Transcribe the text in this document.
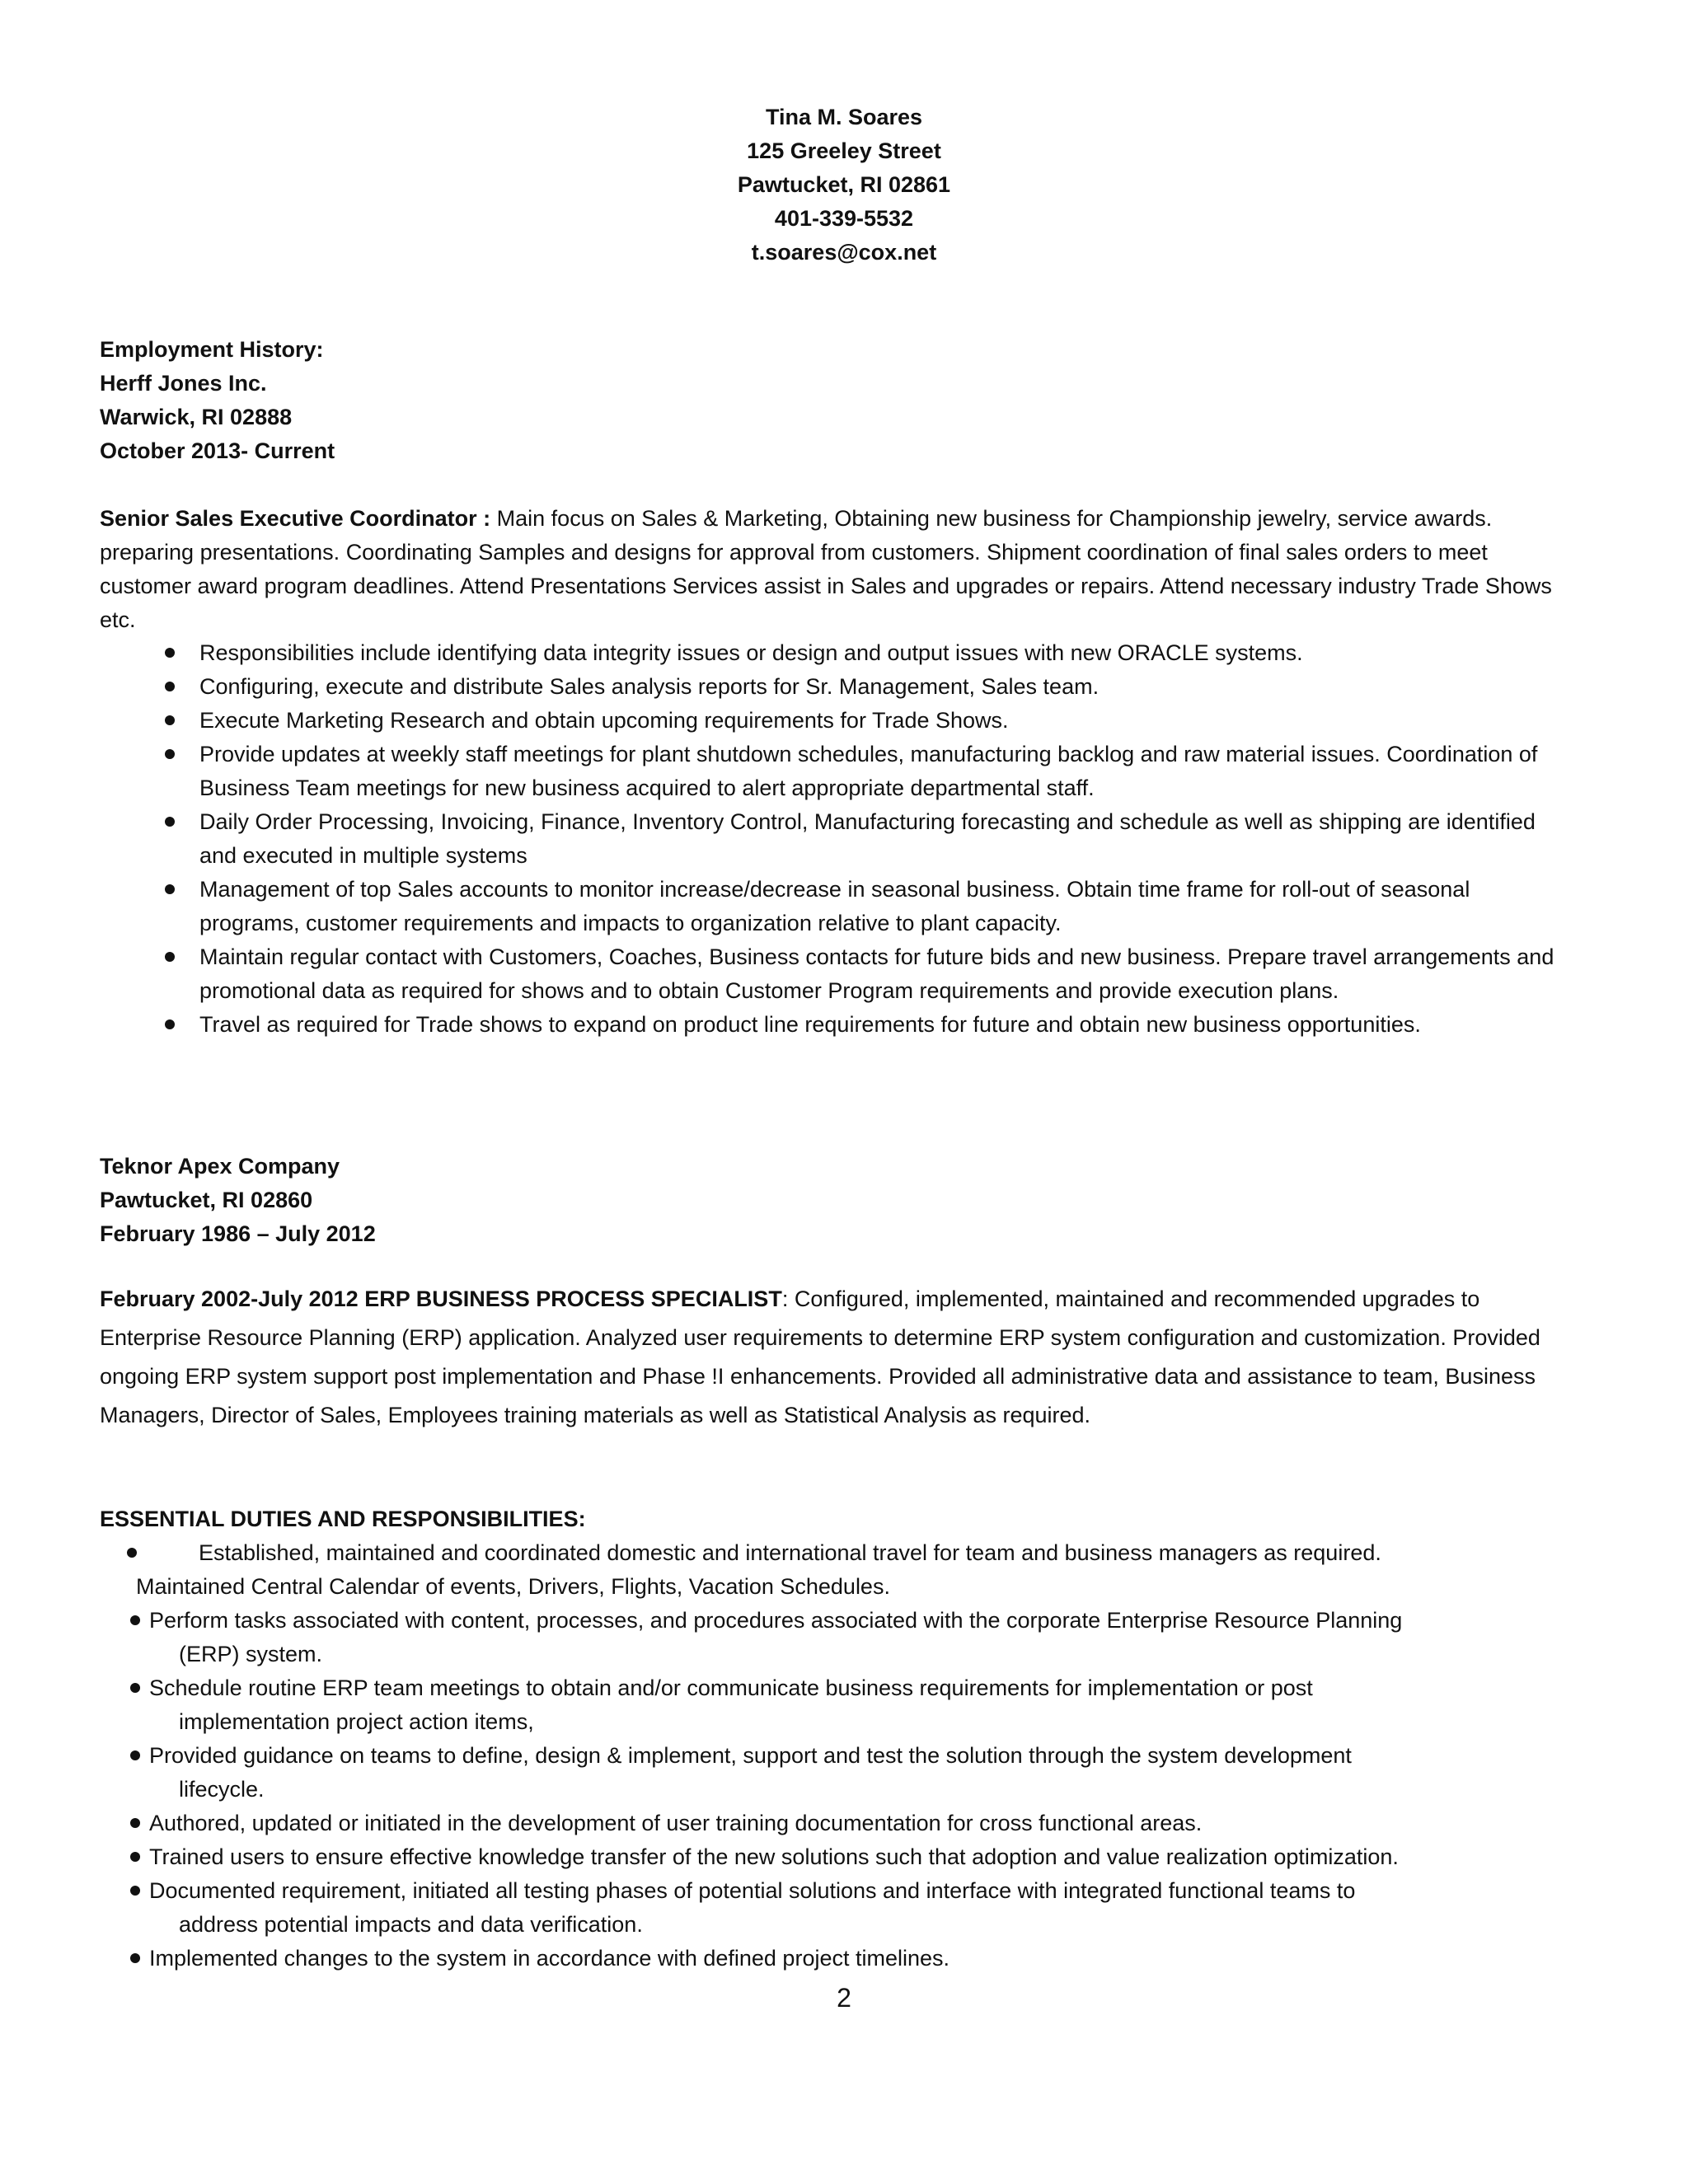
Tina M. Soares
125 Greeley Street
Pawtucket, RI 02861
401-339-5532
t.soares@cox.net
Employment History:
Herff Jones Inc.
Warwick, RI 02888
October 2013- Current
Senior Sales Executive Coordinator : Main focus on Sales & Marketing, Obtaining new business for Championship jewelry, service awards. preparing presentations. Coordinating Samples and designs for approval from customers. Shipment coordination of final sales orders to meet customer award program deadlines. Attend Presentations Services assist in Sales and upgrades or repairs. Attend necessary industry Trade Shows etc.
Responsibilities include identifying data integrity issues or design and output issues with new ORACLE systems.
Configuring, execute and distribute Sales analysis reports for Sr. Management, Sales team.
Execute Marketing Research and obtain upcoming requirements for Trade Shows.
Provide updates at weekly staff meetings for plant shutdown schedules, manufacturing backlog and raw material issues. Coordination of Business Team meetings for new business acquired to alert appropriate departmental staff.
Daily Order Processing, Invoicing, Finance, Inventory Control, Manufacturing forecasting and schedule as well as shipping are identified and executed in multiple systems
Management of top Sales accounts to monitor increase/decrease in seasonal business. Obtain time frame for roll-out of seasonal programs, customer requirements and impacts to organization relative to plant capacity.
Maintain regular contact with Customers, Coaches, Business contacts for future bids and new business. Prepare travel arrangements and promotional data as required for shows and to obtain Customer Program requirements and provide execution plans.
Travel as required for Trade shows to expand on product line requirements for future and obtain new business opportunities.
Teknor Apex Company
Pawtucket, RI 02860
February 1986 – July 2012
February 2002-July 2012 ERP BUSINESS PROCESS SPECIALIST: Configured, implemented, maintained and recommended upgrades to Enterprise Resource Planning (ERP) application. Analyzed user requirements to determine ERP system configuration and customization. Provided ongoing ERP system support post implementation and Phase !I enhancements. Provided all administrative data and assistance to team, Business Managers, Director of Sales, Employees training materials as well as Statistical Analysis as required.
ESSENTIAL DUTIES AND RESPONSIBILITIES:
Established, maintained and coordinated domestic and international travel for team and business managers as required.
Maintained Central Calendar of events, Drivers, Flights, Vacation Schedules.
Perform tasks associated with content, processes, and procedures associated with the corporate Enterprise Resource Planning
(ERP) system.
Schedule routine ERP team meetings to obtain and/or communicate business requirements for implementation or post
implementation project action items,
Provided guidance on teams to define, design & implement, support and test the solution through the system development
lifecycle.
Authored, updated or initiated in the development of user training documentation for cross functional areas.
Trained users to ensure effective knowledge transfer of the new solutions such that adoption and value realization optimization.
Documented requirement, initiated all testing phases of potential solutions and interface with integrated functional teams to
address potential impacts and data verification.
Implemented changes to the system in accordance with defined project timelines.
2
